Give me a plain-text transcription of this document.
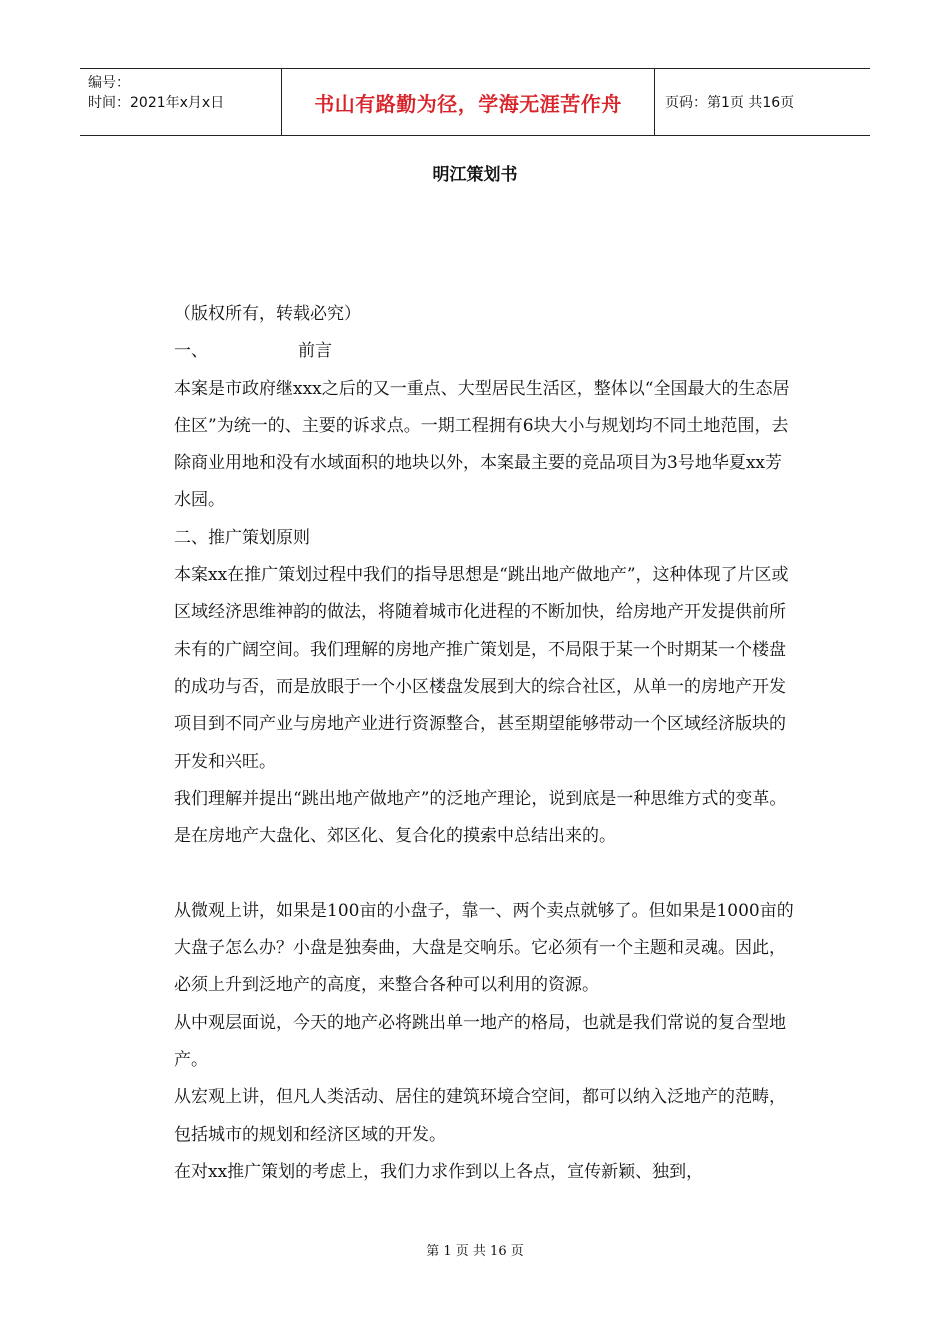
编号：
时间：2021年x月x日	书山有路勤为径，学海无涯苦作舟	页码：第1页 共16页
明江策划书

（版权所有，转载必究）

一、	前言

本案是市政府继xxx之后的又一重点、大型居民生活区，整体以“全国最大的生态居住区”为统一的、主要的诉求点。一期工程拥有6块大小与规划均不同土地范围，去除商业用地和没有水域面积的地块以外，本案最主要的竞品项目为3号地华夏xx芳水园。

二、推广策划原则

本案xx在推广策划过程中我们的指导思想是“跳出地产做地产”，这种体现了片区或区域经济思维神韵的做法，将随着城市化进程的不断加快，给房地产开发提供前所未有的广阔空间。我们理解的房地产推广策划是，不局限于某一个时期某一个楼盘的成功与否，而是放眼于一个小区楼盘发展到大的综合社区，从单一的房地产开发项目到不同产业与房地产业进行资源整合，甚至期望能够带动一个区域经济版块的开发和兴旺。

我们理解并提出“跳出地产做地产”的泛地产理论，说到底是一种思维方式的变革。是在房地产大盘化、郊区化、复合化的摸索中总结出来的。

从微观上讲，如果是100亩的小盘子，靠一、两个卖点就够了。但如果是1000亩的大盘子怎么办？小盘是独奏曲，大盘是交响乐。它必须有一个主题和灵魂。因此，必须上升到泛地产的高度，来整合各种可以利用的资源。

从中观层面说，今天的地产必将跳出单一地产的格局，也就是我们常说的复合型地产。

从宏观上讲，但凡人类活动、居住的建筑环境合空间，都可以纳入泛地产的范畴，包括城市的规划和经济区域的开发。

在对xx推广策划的考虑上，我们力求作到以上各点，宣传新颖、独到，

第 1 页 共 16 页
